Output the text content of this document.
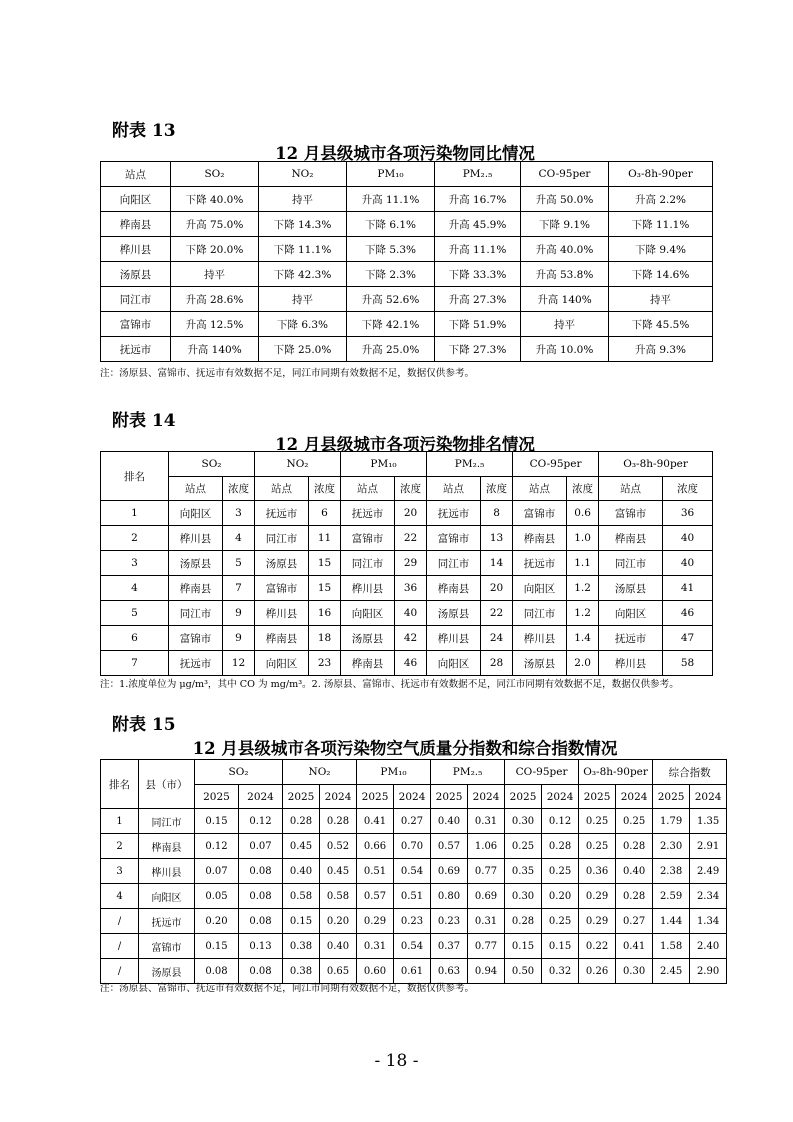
附表 13
12 月县级城市各项污染物同比情况
站点	SO₂	NO₂	PM₁₀	PM₂.₅	CO-95per	O₃-8h-90per
向阳区	下降 40.0%	持平	升高 11.1%	升高 16.7%	升高 50.0%	升高 2.2%
桦南县	升高 75.0%	下降 14.3%	下降 6.1%	升高 45.9%	下降 9.1%	下降 11.1%
桦川县	下降 20.0%	下降 11.1%	下降 5.3%	升高 11.1%	升高 40.0%	下降 9.4%
汤原县	持平	下降 42.3%	下降 2.3%	下降 33.3%	升高 53.8%	下降 14.6%
同江市	升高 28.6%	持平	升高 52.6%	升高 27.3%	升高 140%	持平
富锦市	升高 12.5%	下降 6.3%	下降 42.1%	下降 51.9%	持平	下降 45.5%
抚远市	升高 140%	下降 25.0%	升高 25.0%	下降 27.3%	升高 10.0%	升高 9.3%
注：汤原县、富锦市、抚远市有效数据不足，同江市同期有效数据不足，数据仅供参考。
附表 14
12 月县级城市各项污染物排名情况
排名	SO₂		NO₂		PM₁₀		PM₂.₅		CO-95per		O₃-8h-90per	
	站点	浓度	站点	浓度	站点	浓度	站点	浓度	站点	浓度	站点	浓度
1	向阳区	3	抚远市	6	抚远市	20	抚远市	8	富锦市	0.6	富锦市	36
2	桦川县	4	同江市	11	富锦市	22	富锦市	13	桦南县	1.0	桦南县	40
3	汤原县	5	汤原县	15	同江市	29	同江市	14	抚远市	1.1	同江市	40
4	桦南县	7	富锦市	15	桦川县	36	桦南县	20	向阳区	1.2	汤原县	41
5	同江市	9	桦川县	16	向阳区	40	汤原县	22	同江市	1.2	向阳区	46
6	富锦市	9	桦南县	18	汤原县	42	桦川县	24	桦川县	1.4	抚远市	47
7	抚远市	12	向阳区	23	桦南县	46	向阳区	28	汤原县	2.0	桦川县	58
注：1.浓度单位为 μg/m³，其中 CO 为 mg/m³。2. 汤原县、富锦市、抚远市有效数据不足，同江市同期有效数据不足，数据仅供参考。
附表 15
12 月县级城市各项污染物空气质量分指数和综合指数情况
排名	县（市）	SO₂		NO₂		PM₁₀		PM₂.₅		CO-95per		O₃-8h-90per		综合指数	
		2025	2024	2025	2024	2025	2024	2025	2024	2025	2024	2025	2024	2025	2024
1	同江市	0.15	0.12	0.28	0.28	0.41	0.27	0.40	0.31	0.30	0.12	0.25	0.25	1.79	1.35
2	桦南县	0.12	0.07	0.45	0.52	0.66	0.70	0.57	1.06	0.25	0.28	0.25	0.28	2.30	2.91
3	桦川县	0.07	0.08	0.40	0.45	0.51	0.54	0.69	0.77	0.35	0.25	0.36	0.40	2.38	2.49
4	向阳区	0.05	0.08	0.58	0.58	0.57	0.51	0.80	0.69	0.30	0.20	0.29	0.28	2.59	2.34
/	抚远市	0.20	0.08	0.15	0.20	0.29	0.23	0.23	0.31	0.28	0.25	0.29	0.27	1.44	1.34
/	富锦市	0.15	0.13	0.38	0.40	0.31	0.54	0.37	0.77	0.15	0.15	0.22	0.41	1.58	2.40
/	汤原县	0.08	0.08	0.38	0.65	0.60	0.61	0.63	0.94	0.50	0.32	0.26	0.30	2.45	2.90
注：汤原县、富锦市、抚远市有效数据不足，同江市同期有效数据不足，数据仅供参考。
- 18 -
